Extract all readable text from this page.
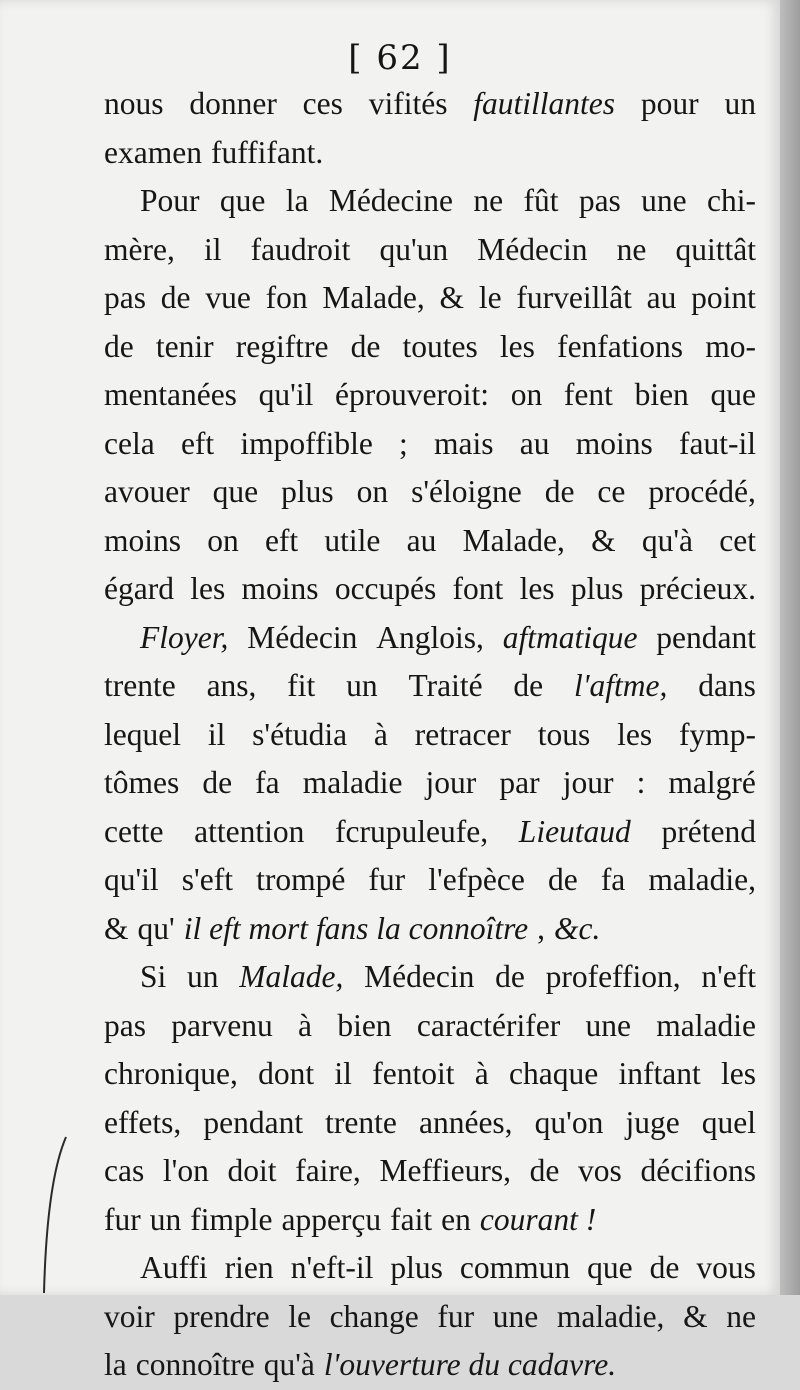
[ 62 ]
nous donner ces vifités fautillantes pour un
examen fuffifant.
Pour que la Médecine ne fût pas une chi-
mère, il faudroit qu'un Médecin ne quittât
pas de vue fon Malade, & le furveillât au point
de tenir regiftre de toutes les fenfations mo-
mentanées qu'il éprouveroit: on fent bien que
cela eft impoffible ; mais au moins faut-il
avouer que plus on s'éloigne de ce procédé,
moins on eft utile au Malade, & qu'à cet
égard les moins occupés font les plus précieux.
Floyer, Médecin Anglois, aftmatique pendant
trente ans, fit un Traité de l'aftme, dans
lequel il s'étudia à retracer tous les fymp-
tômes de fa maladie jour par jour : malgré
cette attention fcrupuleufe, Lieutaud prétend
qu'il s'eft trompé fur l'efpèce de fa maladie,
& qu' il eft mort fans la connoître , &c.
Si un Malade, Médecin de profeffion, n'eft
pas parvenu à bien caractérifer une maladie
chronique, dont il fentoit à chaque inftant les
effets, pendant trente années, qu'on juge quel
cas l'on doit faire, Meffieurs, de vos décifions
fur un fimple apperçu fait en courant !
Auffi rien n'eft-il plus commun que de vous
voir prendre le change fur une maladie, & ne
la connoître qu'à l'ouverture du cadavre.
